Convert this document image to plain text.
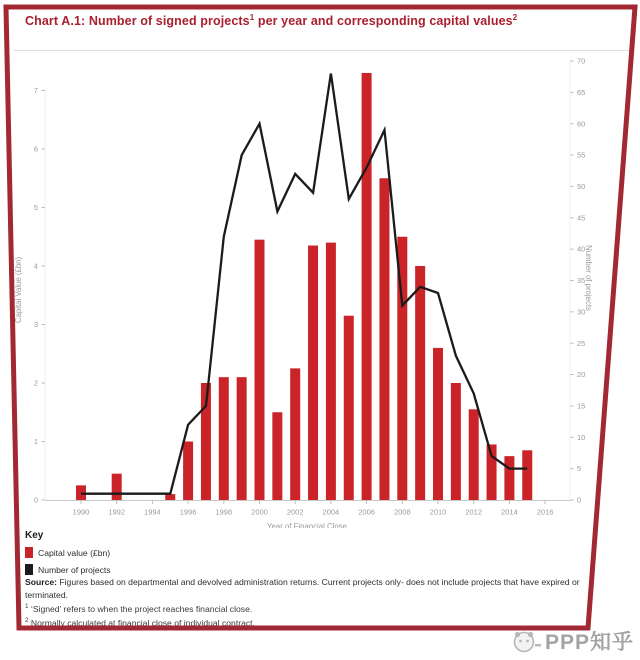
Chart A.1: Number of signed projects$^1$ per year and corresponding capital values$^2$
0
1
2
3
4
5
6
7
0
5
10
15
20
25
30
35
40
45
50
55
60
65
70
1990	1992	1994	1996	1998	2000	2002	2004	2006	2008	2010	2012	2014	2016
Capital Value (£bn)	Number of projects
Year of Financial Close
Key
Capital value (£bn)
Number of projects

Source: Figures based on departmental and devolved administration returns. Current projects only- does not include projects that have expired or terminated.

$^1$ ‘Signed’ refers to when the project reaches financial close.

$^2$ Normally calculated at financial close of individual contract.

PPP知乎
